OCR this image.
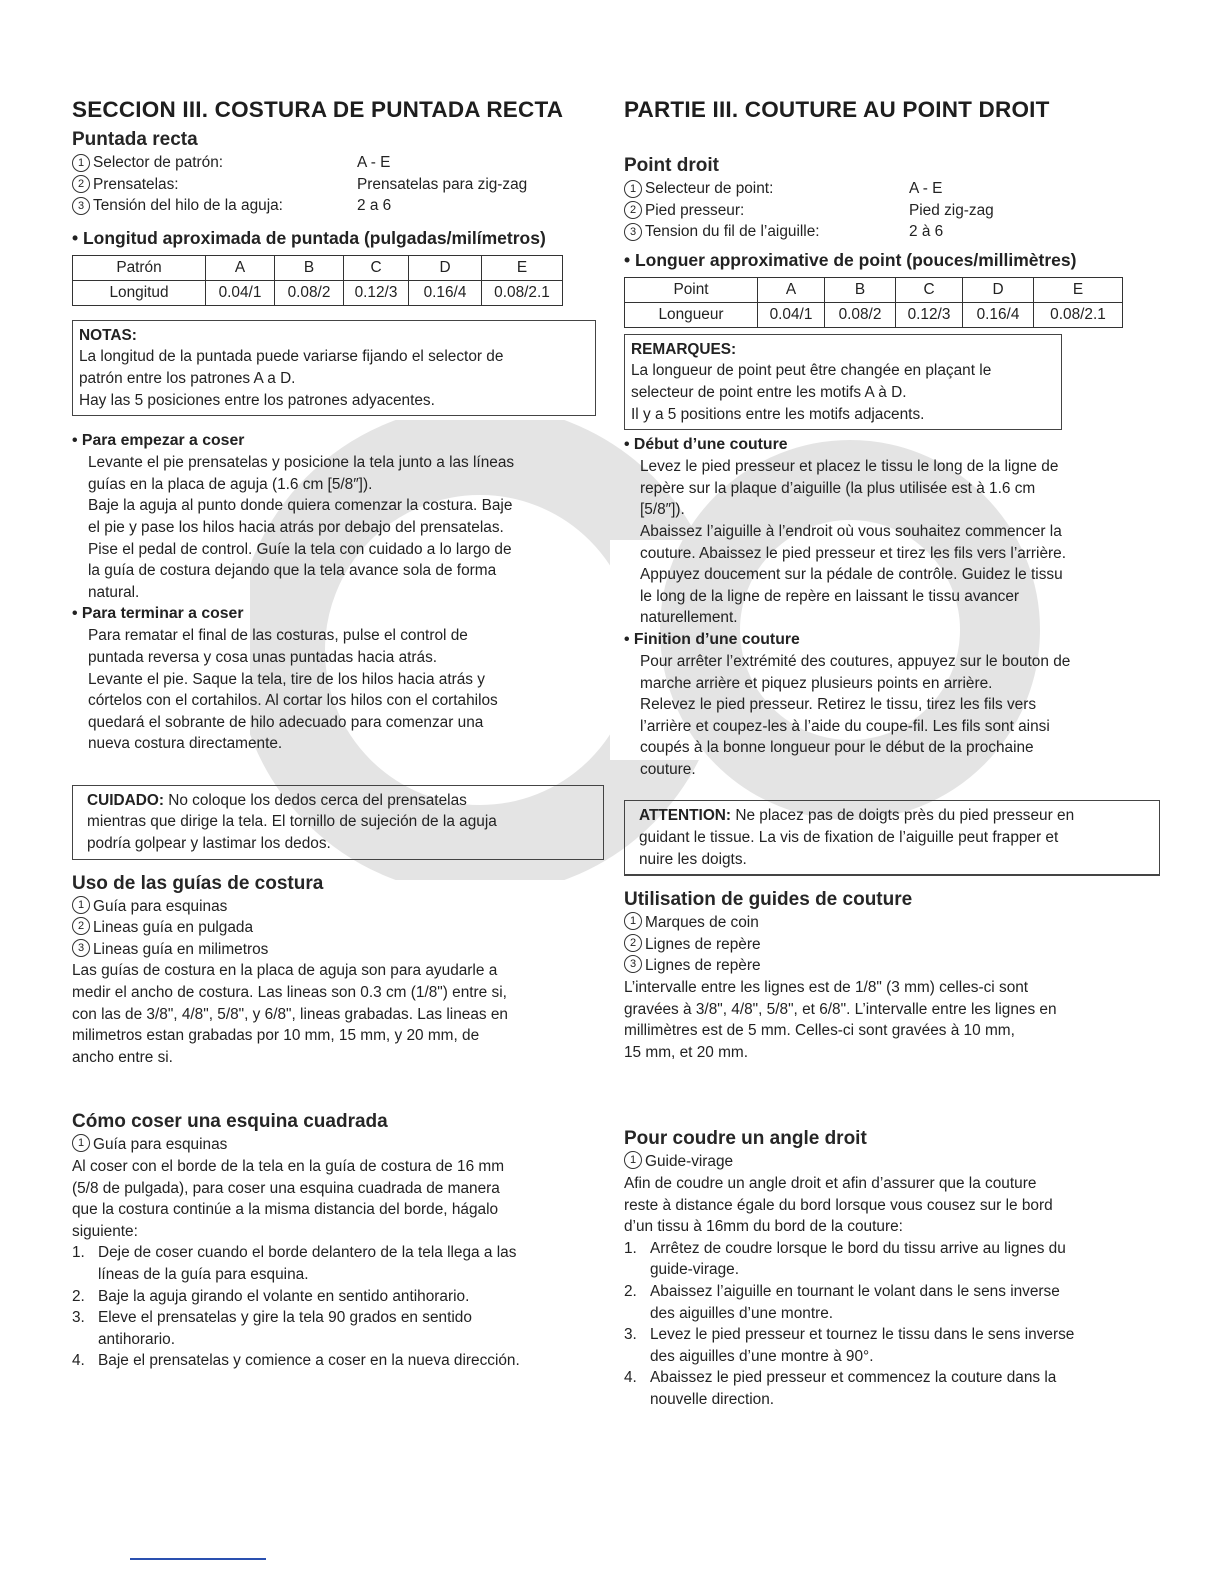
SECCION III. COSTURA DE PUNTADA RECTA
Puntada recta
1 Selector de patrón:	A - E
2 Prensatelas:	Prensatelas para zig-zag
3 Tensión del hilo de la aguja:	2 a 6

• Longitud aproximada de puntada (pulgadas/milímetros)

Patrón	A	B	C	D	E
Longitud	0.04/1	0.08/2	0.12/3	0.16/4	0.08/2.1
NOTAS:
La longitud de la puntada puede variarse fijando el selector de
patrón entre los patrones A a D.
Hay las 5 posiciones entre los patrones adyacentes.

• Para empezar a coser

Levante el pie prensatelas y posicione la tela junto a las líneas
guías en la placa de aguja (1.6 cm [5/8″]).
Baje la aguja al punto donde quiera comenzar la costura. Baje
el pie y pase los hilos hacia atrás por debajo del prensatelas.
Pise el pedal de control. Guíe la tela con cuidado a lo largo de
la guía de costura dejando que la tela avance sola de forma
natural.

• Para terminar a coser

Para rematar el final de las costuras, pulse el control de
puntada reversa y cosa unas puntadas hacia atrás.
Levante el pie. Saque la tela, tire de los hilos hacia atrás y
córtelos con el cortahilos. Al cortar los hilos con el cortahilos
quedará el sobrante de hilo adecuado para comenzar una
nueva costura directamente.
CUIDADO: No coloque los dedos cerca del prensatelas
mientras que dirige la tela. El tornillo de sujeción de la aguja
podría golpear y lastimar los dedos.
Uso de las guías de costura
1 Guía para esquinas
2 Lineas guía en pulgada
3 Lineas guía en milimetros
Las guías de costura en la placa de aguja son para ayudarle a
medir el ancho de costura. Las lineas son 0.3 cm (1/8") entre si,
con las de 3/8", 4/8", 5/8", y 6/8", lineas grabadas. Las lineas en
milimetros estan grabadas por 10 mm, 15 mm, y 20 mm, de
ancho entre si.
Cómo coser una esquina cuadrada
1 Guía para esquinas
Al coser con el borde de la tela en la guía de costura de 16 mm
(5/8 de pulgada), para coser una esquina cuadrada de manera
que la costura continúe a la misma distancia del borde, hágalo
siguiente:
1. Deje de coser cuando el borde delantero de la tela llega a las
líneas de la guía para esquina.
2. Baje la aguja girando el volante en sentido antihorario.
3. Eleve el prensatelas y gire la tela 90 grados en sentido
antihorario.
4. Baje el prensatelas y comience a coser en la nueva dirección.
PARTIE III. COUTURE AU POINT DROIT
Point droit
1 Selecteur de point:	A - E
2 Pied presseur:	Pied zig-zag
3 Tension du fil de l’aiguille:	2 à 6

• Longuer approximative de point (pouces/millimètres)

Point	A	B	C	D	E
Longueur	0.04/1	0.08/2	0.12/3	0.16/4	0.08/2.1
REMARQUES:
La longueur de point peut être changée en plaçant le
selecteur de point entre les motifs A à D.
Il y a 5 positions entre les motifs adjacents.

• Début d’une couture

Levez le pied presseur et placez le tissu le long de la ligne de
repère sur la plaque d’aiguille (la plus utilisée est à 1.6 cm
[5/8″]).
Abaissez l’aiguille à l’endroit où vous souhaitez commencer la
couture. Abaissez le pied presseur et tirez les fils vers l’arrière.
Appuyez doucement sur la pédale de contrôle. Guidez le tissu
le long de la ligne de repère en laissant le tissu avancer
naturellement.

• Finition d’une couture

Pour arrêter l’extrémité des coutures, appuyez sur le bouton de
marche arrière et piquez plusieurs points en arrière.
Relevez le pied presseur. Retirez le tissu, tirez les fils vers
l’arrière et coupez-les à l’aide du coupe-fil. Les fils sont ainsi
coupés à la bonne longueur pour le début de la prochaine
couture.
ATTENTION: Ne placez pas de doigts près du pied presseur en
guidant le tissue. La vis de fixation de l’aiguille peut frapper et
nuire les doigts.
Utilisation de guides de couture
1 Marques de coin
2 Lignes de repère
3 Lignes de repère
L’intervalle entre les lignes est de 1/8" (3 mm) celles-ci sont
gravées à 3/8", 4/8", 5/8", et 6/8". L’intervalle entre les lignes en
millimètres est de 5 mm. Celles-ci sont gravées à 10 mm,
15 mm, et 20 mm.
Pour coudre un angle droit
1 Guide-virage
Afin de coudre un angle droit et afin d’assurer que la couture
reste à distance égale du bord lorsque vous cousez sur le bord
d’un tissu à 16mm du bord de la couture:
1. Arrêtez de coudre lorsque le bord du tissu arrive au lignes du
guide-virage.
2. Abaissez l’aiguille en tournant le volant dans le sens inverse
des aiguilles d’une montre.
3. Levez le pied presseur et tournez le tissu dans le sens inverse
des aiguilles d’une montre à 90°.
4. Abaissez le pied presseur et commencez la couture dans la
nouvelle direction.
